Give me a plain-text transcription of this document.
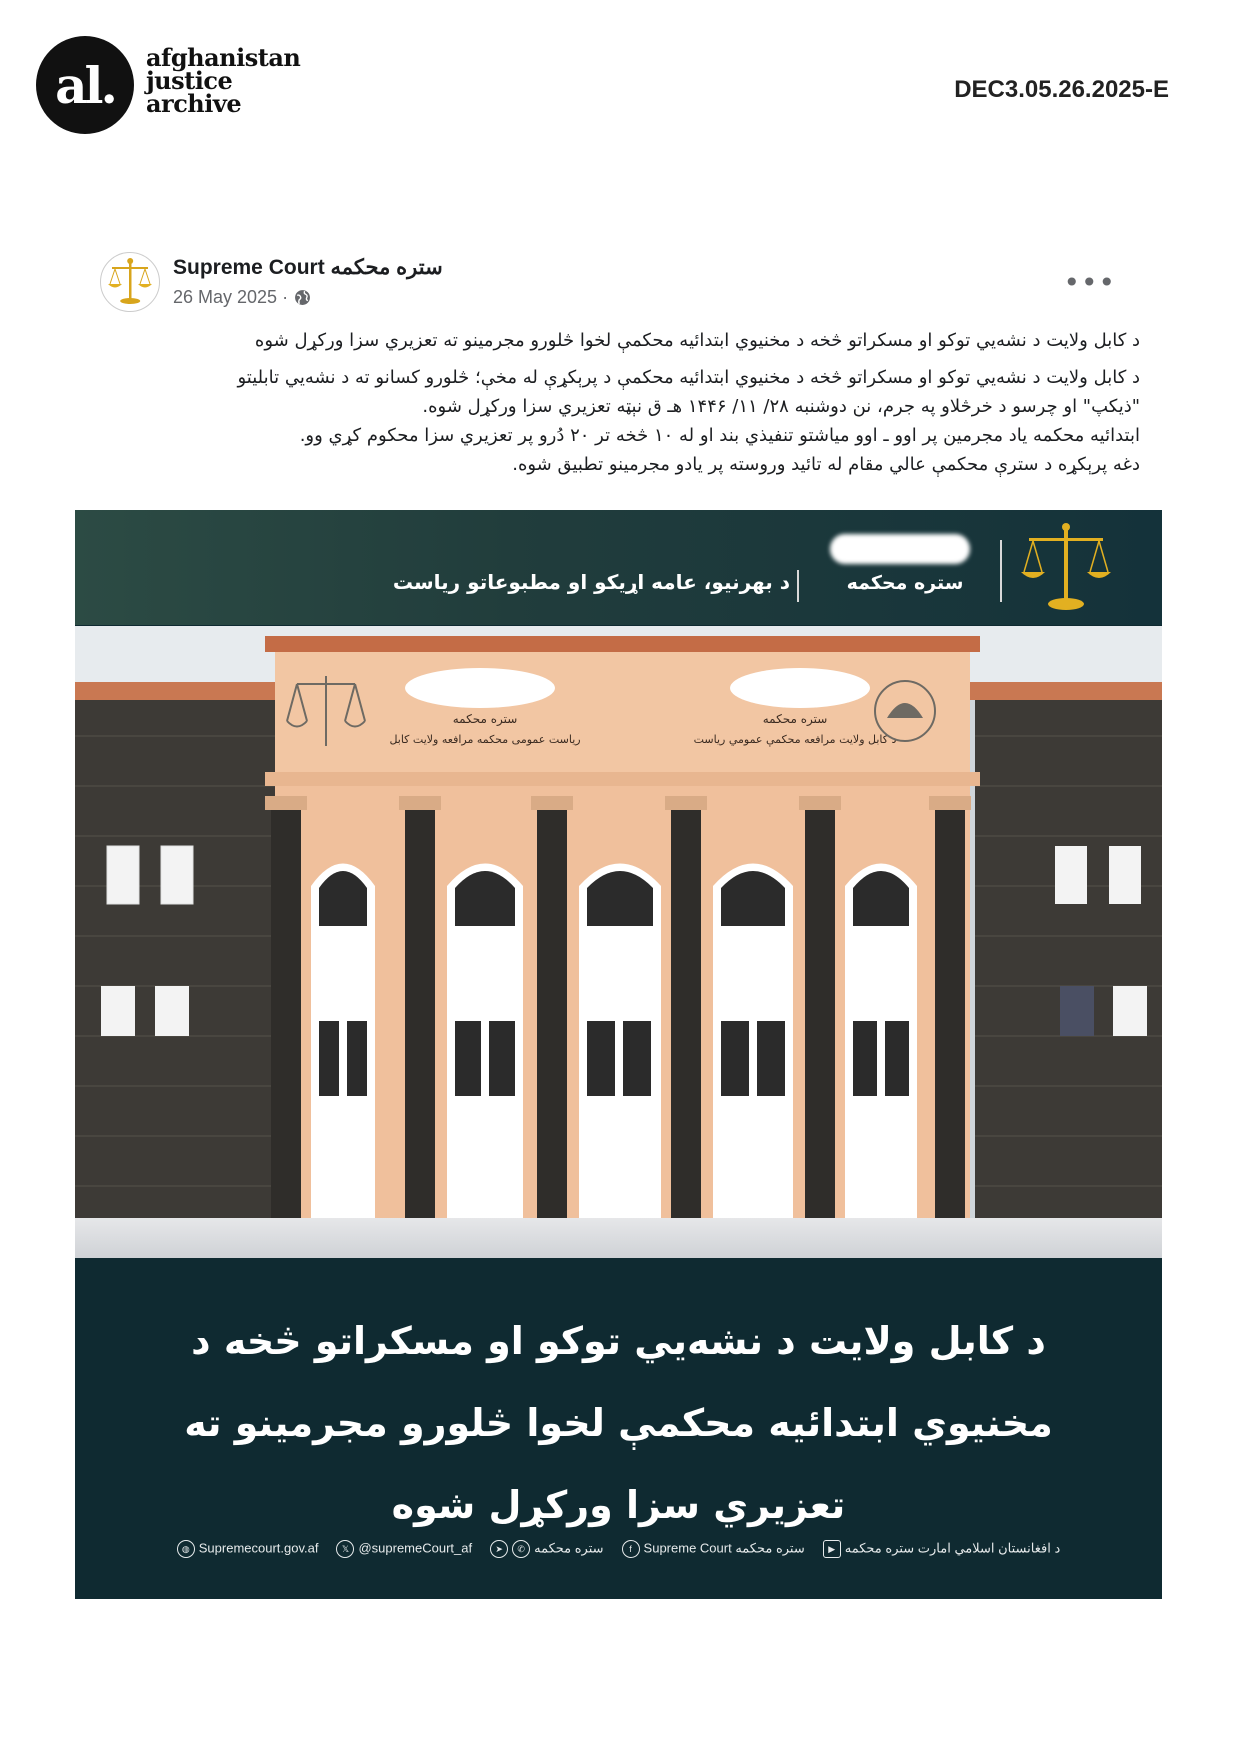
al.	afghanistan
justice
archive	DEC3.05.26.2025-E
Supreme Court ستره محکمه
26 May 2025 ·	•••

د کابل ولایت د نشه‌يي توکو او مسکراتو څخه د مخنيوي ابتدائيه محکمې لخوا څلورو مجرمینو ته تعزيري سزا ورکړل شوه

د کابل ولایت د نشه‌يي توکو او مسکراتو څخه د مخنيوي ابتدائيه محکمې د پرېکړې له مخې؛ څلورو کسانو ته د نشه‌يي تابليتو

"ذيکپ" او چرسو د خرڅلاو په جرم، نن دوشنبه ۲۸/ ۱۱/ ۱۴۴۶ هـ ق نېټه تعزيري سزا ورکړل شوه.

ابتدائيه محکمه ياد مجرمين پر اوو ـ اوو مياشتو تنفيذي بند او له ۱۰ څخه تر ۲۰ دُرو پر تعزيري سزا محکوم کړي وو.

دغه پرېکړه د سترې محکمې عالي مقام له تائيد وروسته پر يادو مجرمينو تطبيق شوه.

د بهرنيو، عامه اړيکو او مطبوعاتو رياست	ستره محکمه
ستره محکمه
رياست عمومی محکمه مرافعه ولايت کابل
ستره محکمه
د کابل ولايت مرافعه محکمې عمومي رياست
د کابل ولايت د نشه‌يي توکو او مسکراتو څخه د
مخنيوي ابتدائيه محکمې لخوا څلورو مجرمينو ته
تعزيري سزا ورکړل شوه
◍ Supremecourt.gov.af	𝕏 @supremeCourt_af	➤ ✆ ستره محکمه	f Supreme Court ستره محکمه	▶ د افغانستان اسلامي امارت ستره محکمه
